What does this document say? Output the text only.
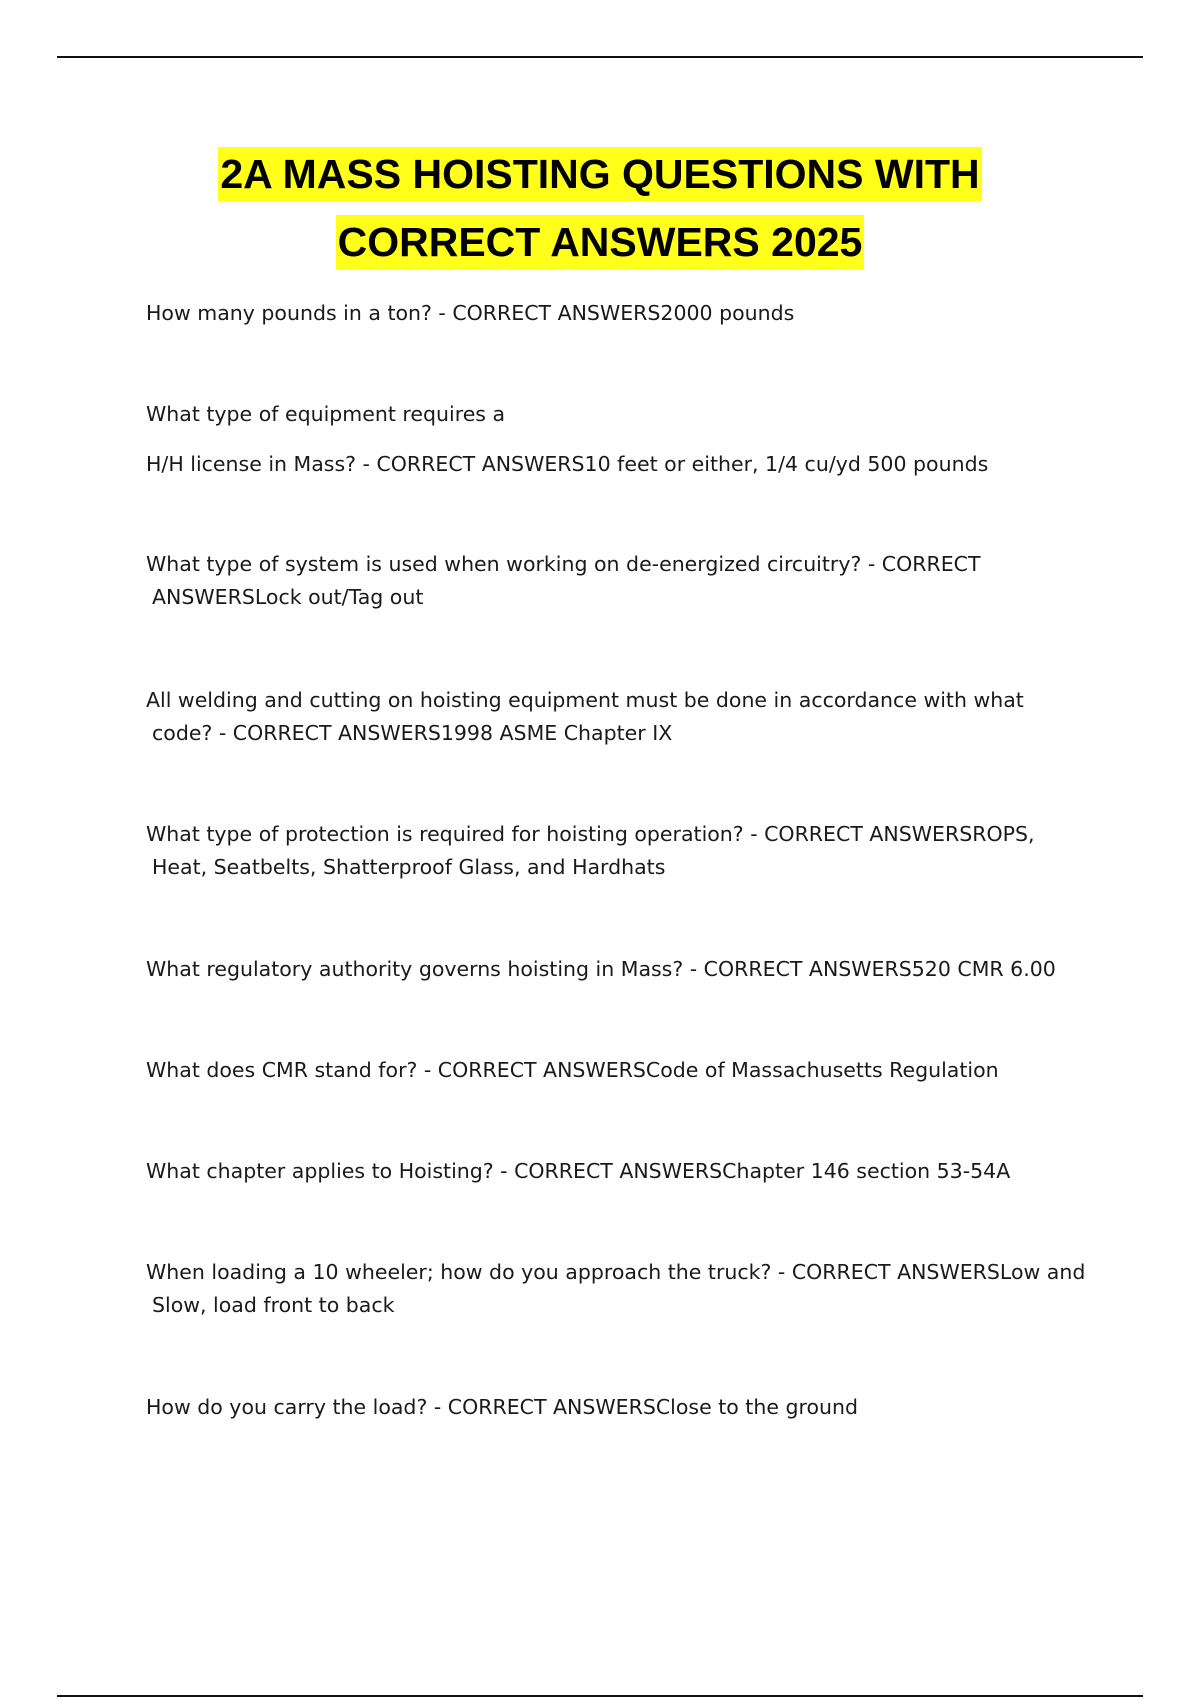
2A MASS HOISTING QUESTIONS WITH
CORRECT ANSWERS 2025

How many pounds in a ton? - CORRECT ANSWERS2000 pounds

What type of equipment requires a
H/H license in Mass? - CORRECT ANSWERS10 feet or either, 1/4 cu/yd 500 pounds

What type of system is used when working on de-energized circuitry? - CORRECT
ANSWERSLock out/Tag out

All welding and cutting on hoisting equipment must be done in accordance with what
code? - CORRECT ANSWERS1998 ASME Chapter IX

What type of protection is required for hoisting operation? - CORRECT ANSWERSROPS,
Heat, Seatbelts, Shatterproof Glass, and Hardhats

What regulatory authority governs hoisting in Mass? - CORRECT ANSWERS520 CMR 6.00

What does CMR stand for? - CORRECT ANSWERSCode of Massachusetts Regulation

What chapter applies to Hoisting? - CORRECT ANSWERSChapter 146 section 53-54A

When loading a 10 wheeler; how do you approach the truck? - CORRECT ANSWERSLow and
Slow, load front to back

How do you carry the load? - CORRECT ANSWERSClose to the ground
